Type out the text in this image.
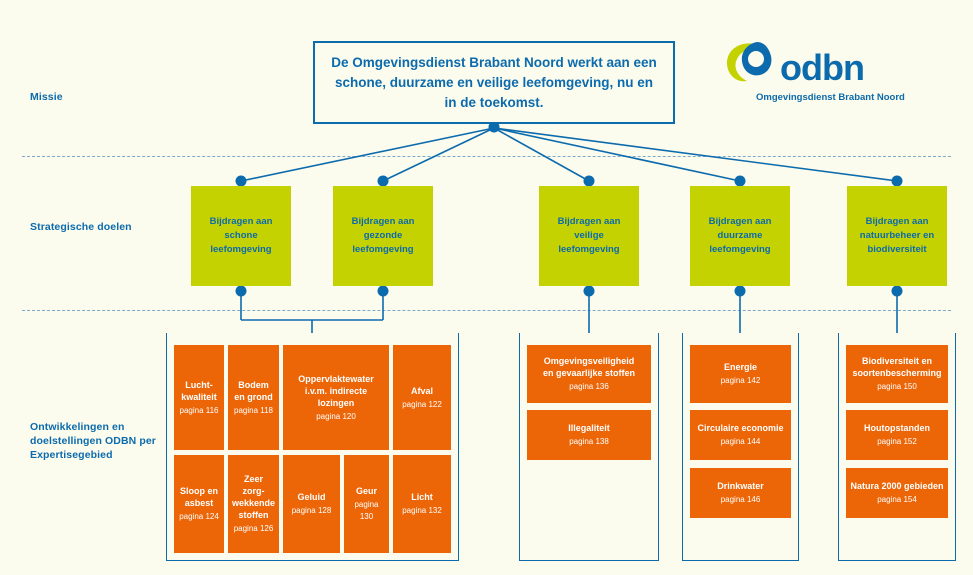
Missie
Strategische doelen
Ontwikkelingen en doelstellingen ODBN per Expertisegebied
De Omgevingsdienst Brabant Noord werkt aan een schone, duurzame en veilige leefomgeving, nu en in de toekomst.
odbn
Omgevingsdienst Brabant Noord
Bijdragen aan
schone
leefomgeving
Bijdragen aan
gezonde
leefomgeving
Bijdragen aan
veilige
leefomgeving
Bijdragen aan
duurzame
leefomgeving
Bijdragen aan
natuurbeheer en
biodiversiteit
Lucht-
kwaliteit
pagina 116
Bodem
en grond
pagina 118
Oppervlaktewater
i.v.m. indirecte
lozingen
pagina 120
Afval
pagina 122
Sloop en
asbest
pagina 124
Zeer zorg-
wekkende
stoffen
pagina 126
Geluid
pagina 128
Geur
pagina 130
Licht
pagina 132
Omgevingsveiligheid
en gevaarlijke stoffen
pagina 136
Illegaliteit
pagina 138
Energie
pagina 142
Circulaire economie
pagina 144
Drinkwater
pagina 146
Biodiversiteit en
soortenbescherming
pagina 150
Houtopstanden
pagina 152
Natura 2000 gebieden
pagina 154
